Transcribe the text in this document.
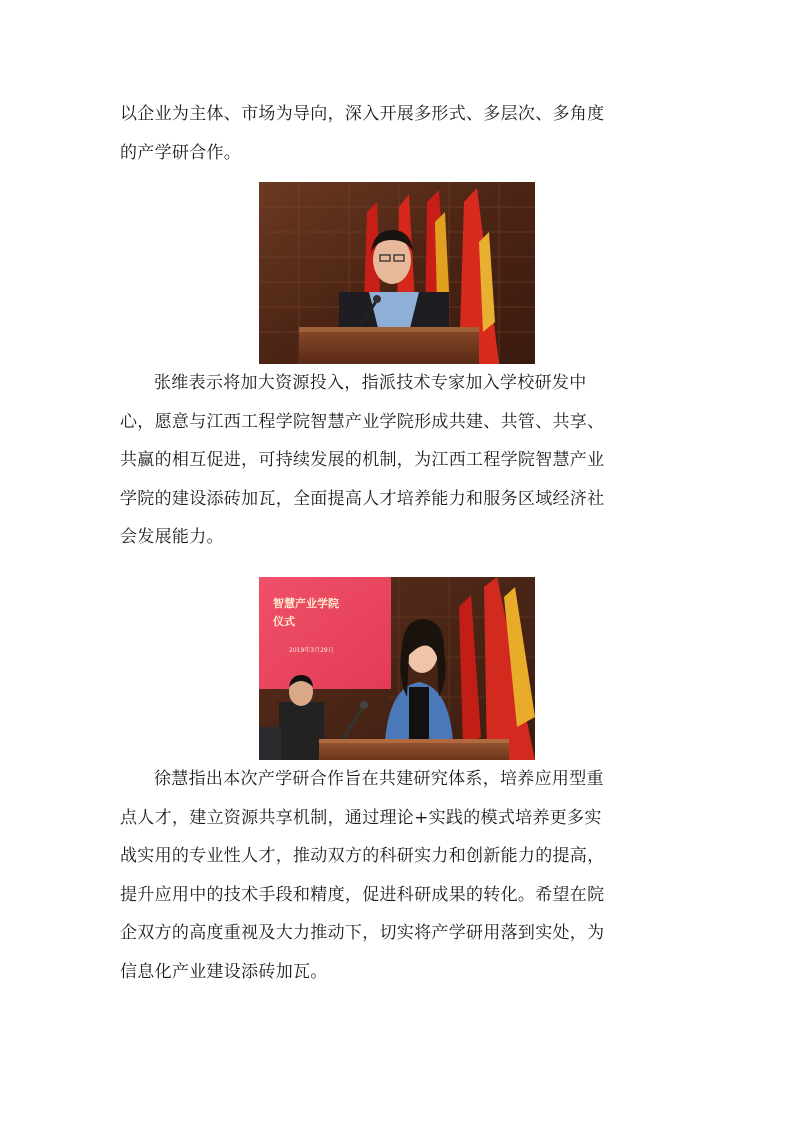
以企业为主体、市场为导向，深入开展多形式、多层次、多角度
的产学研合作。
张维表示将加大资源投入，指派技术专家加入学校研发中
心，愿意与江西工程学院智慧产业学院形成共建、共管、共享、
共赢的相互促进，可持续发展的机制，为江西工程学院智慧产业
学院的建设添砖加瓦，全面提高人才培养能力和服务区域经济社
会发展能力。
智慧产业学院
仪式
2019年3月29日
徐慧指出本次产学研合作旨在共建研究体系，培养应用型重
点人才，建立资源共享机制，通过理论+实践的模式培养更多实
战实用的专业性人才，推动双方的科研实力和创新能力的提高，
提升应用中的技术手段和精度，促进科研成果的转化。希望在院
企双方的高度重视及大力推动下，切实将产学研用落到实处，为
信息化产业建设添砖加瓦。
